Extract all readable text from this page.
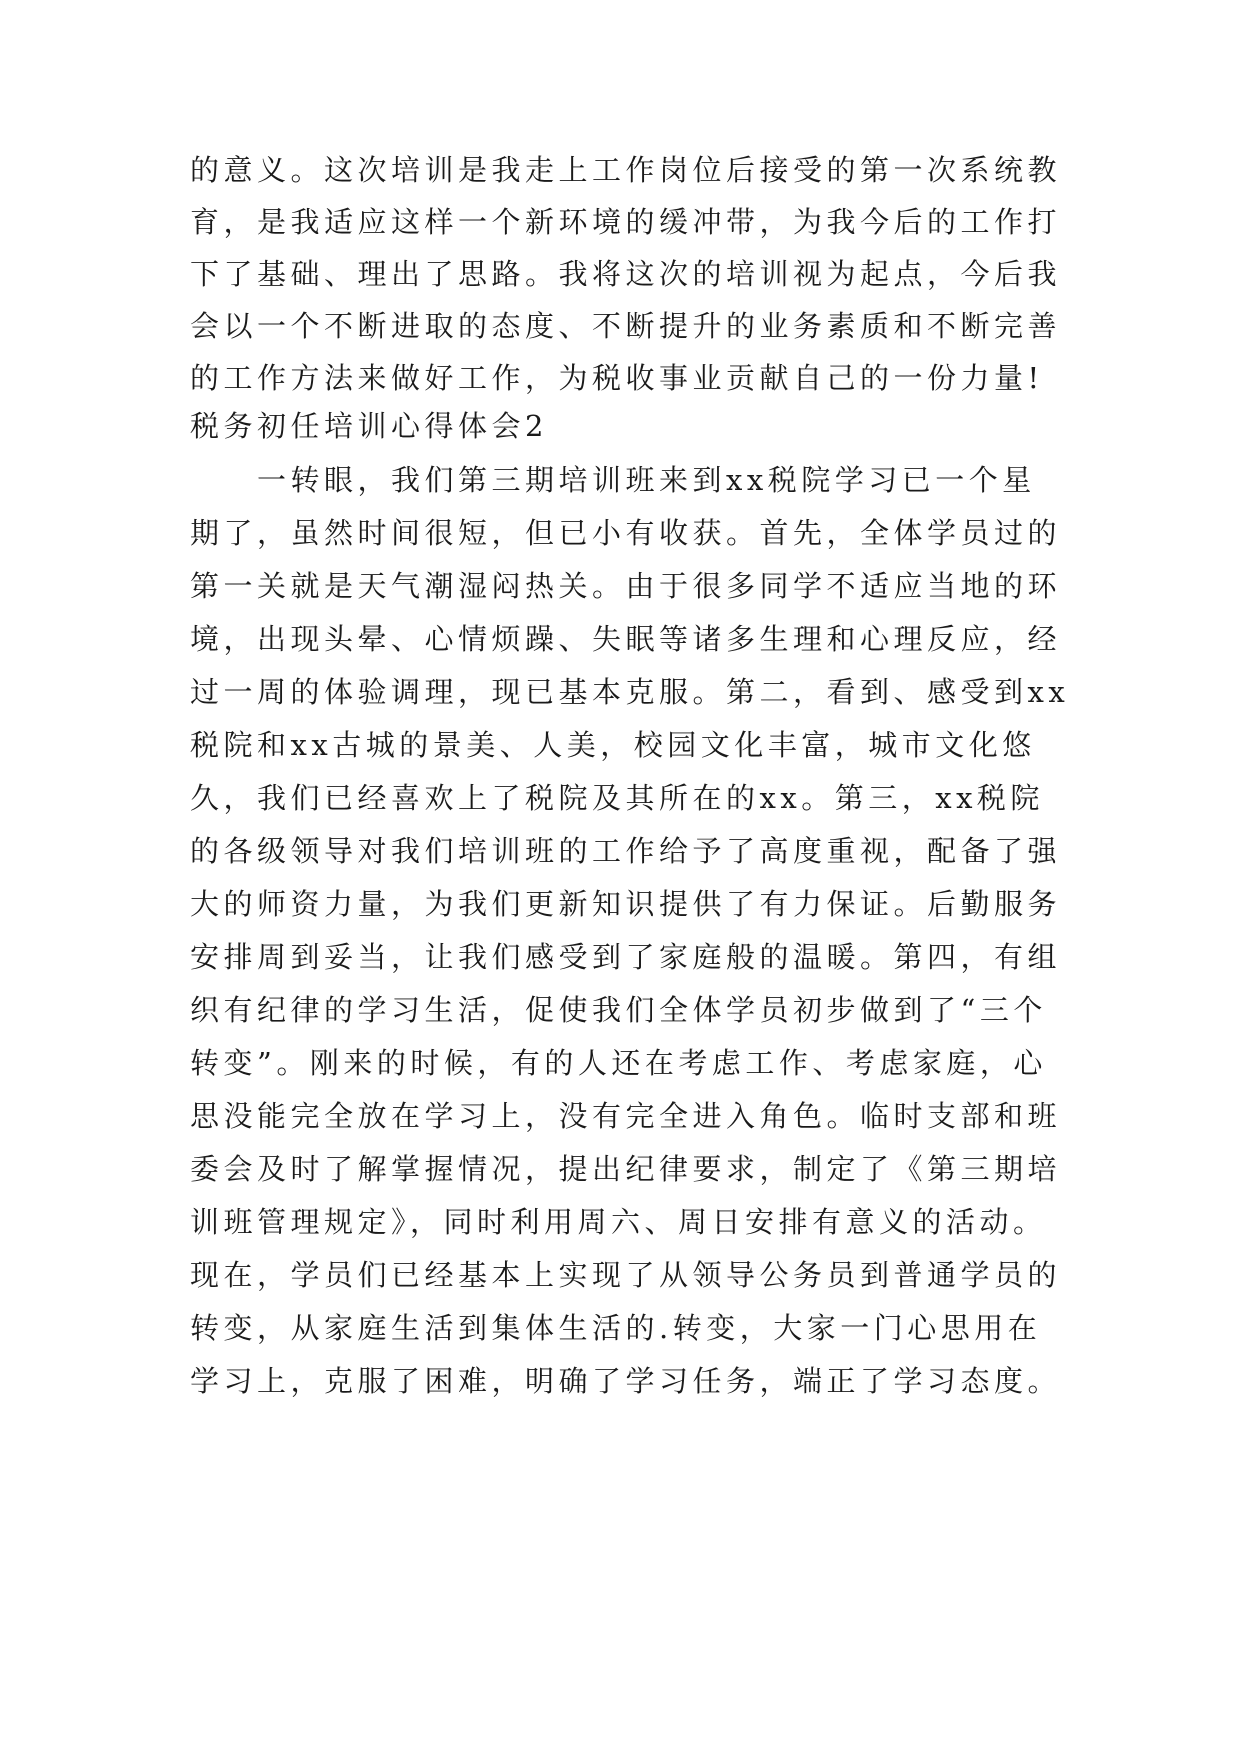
的意义。这次培训是我走上工作岗位后接受的第一次系统教
育，是我适应这样一个新环境的缓冲带，为我今后的工作打
下了基础、理出了思路。我将这次的培训视为起点，今后我
会以一个不断进取的态度、不断提升的业务素质和不断完善
的工作方法来做好工作，为税收事业贡献自己的一份力量!
税务初任培训心得体会2
　　一转眼，我们第三期培训班来到xx税院学习已一个星
期了，虽然时间很短，但已小有收获。首先，全体学员过的
第一关就是天气潮湿闷热关。由于很多同学不适应当地的环
境，出现头晕、心情烦躁、失眠等诸多生理和心理反应，经
过一周的体验调理，现已基本克服。第二，看到、感受到xx
税院和xx古城的景美、人美，校园文化丰富，城市文化悠
久，我们已经喜欢上了税院及其所在的xx。第三，xx税院
的各级领导对我们培训班的工作给予了高度重视，配备了强
大的师资力量，为我们更新知识提供了有力保证。后勤服务
安排周到妥当，让我们感受到了家庭般的温暖。第四，有组
织有纪律的学习生活，促使我们全体学员初步做到了“三个
转变”。刚来的时候，有的人还在考虑工作、考虑家庭，心
思没能完全放在学习上，没有完全进入角色。临时支部和班
委会及时了解掌握情况，提出纪律要求，制定了《第三期培
训班管理规定》，同时利用周六、周日安排有意义的活动。
现在，学员们已经基本上实现了从领导公务员到普通学员的
转变，从家庭生活到集体生活的.转变，大家一门心思用在
学习上，克服了困难，明确了学习任务，端正了学习态度。
